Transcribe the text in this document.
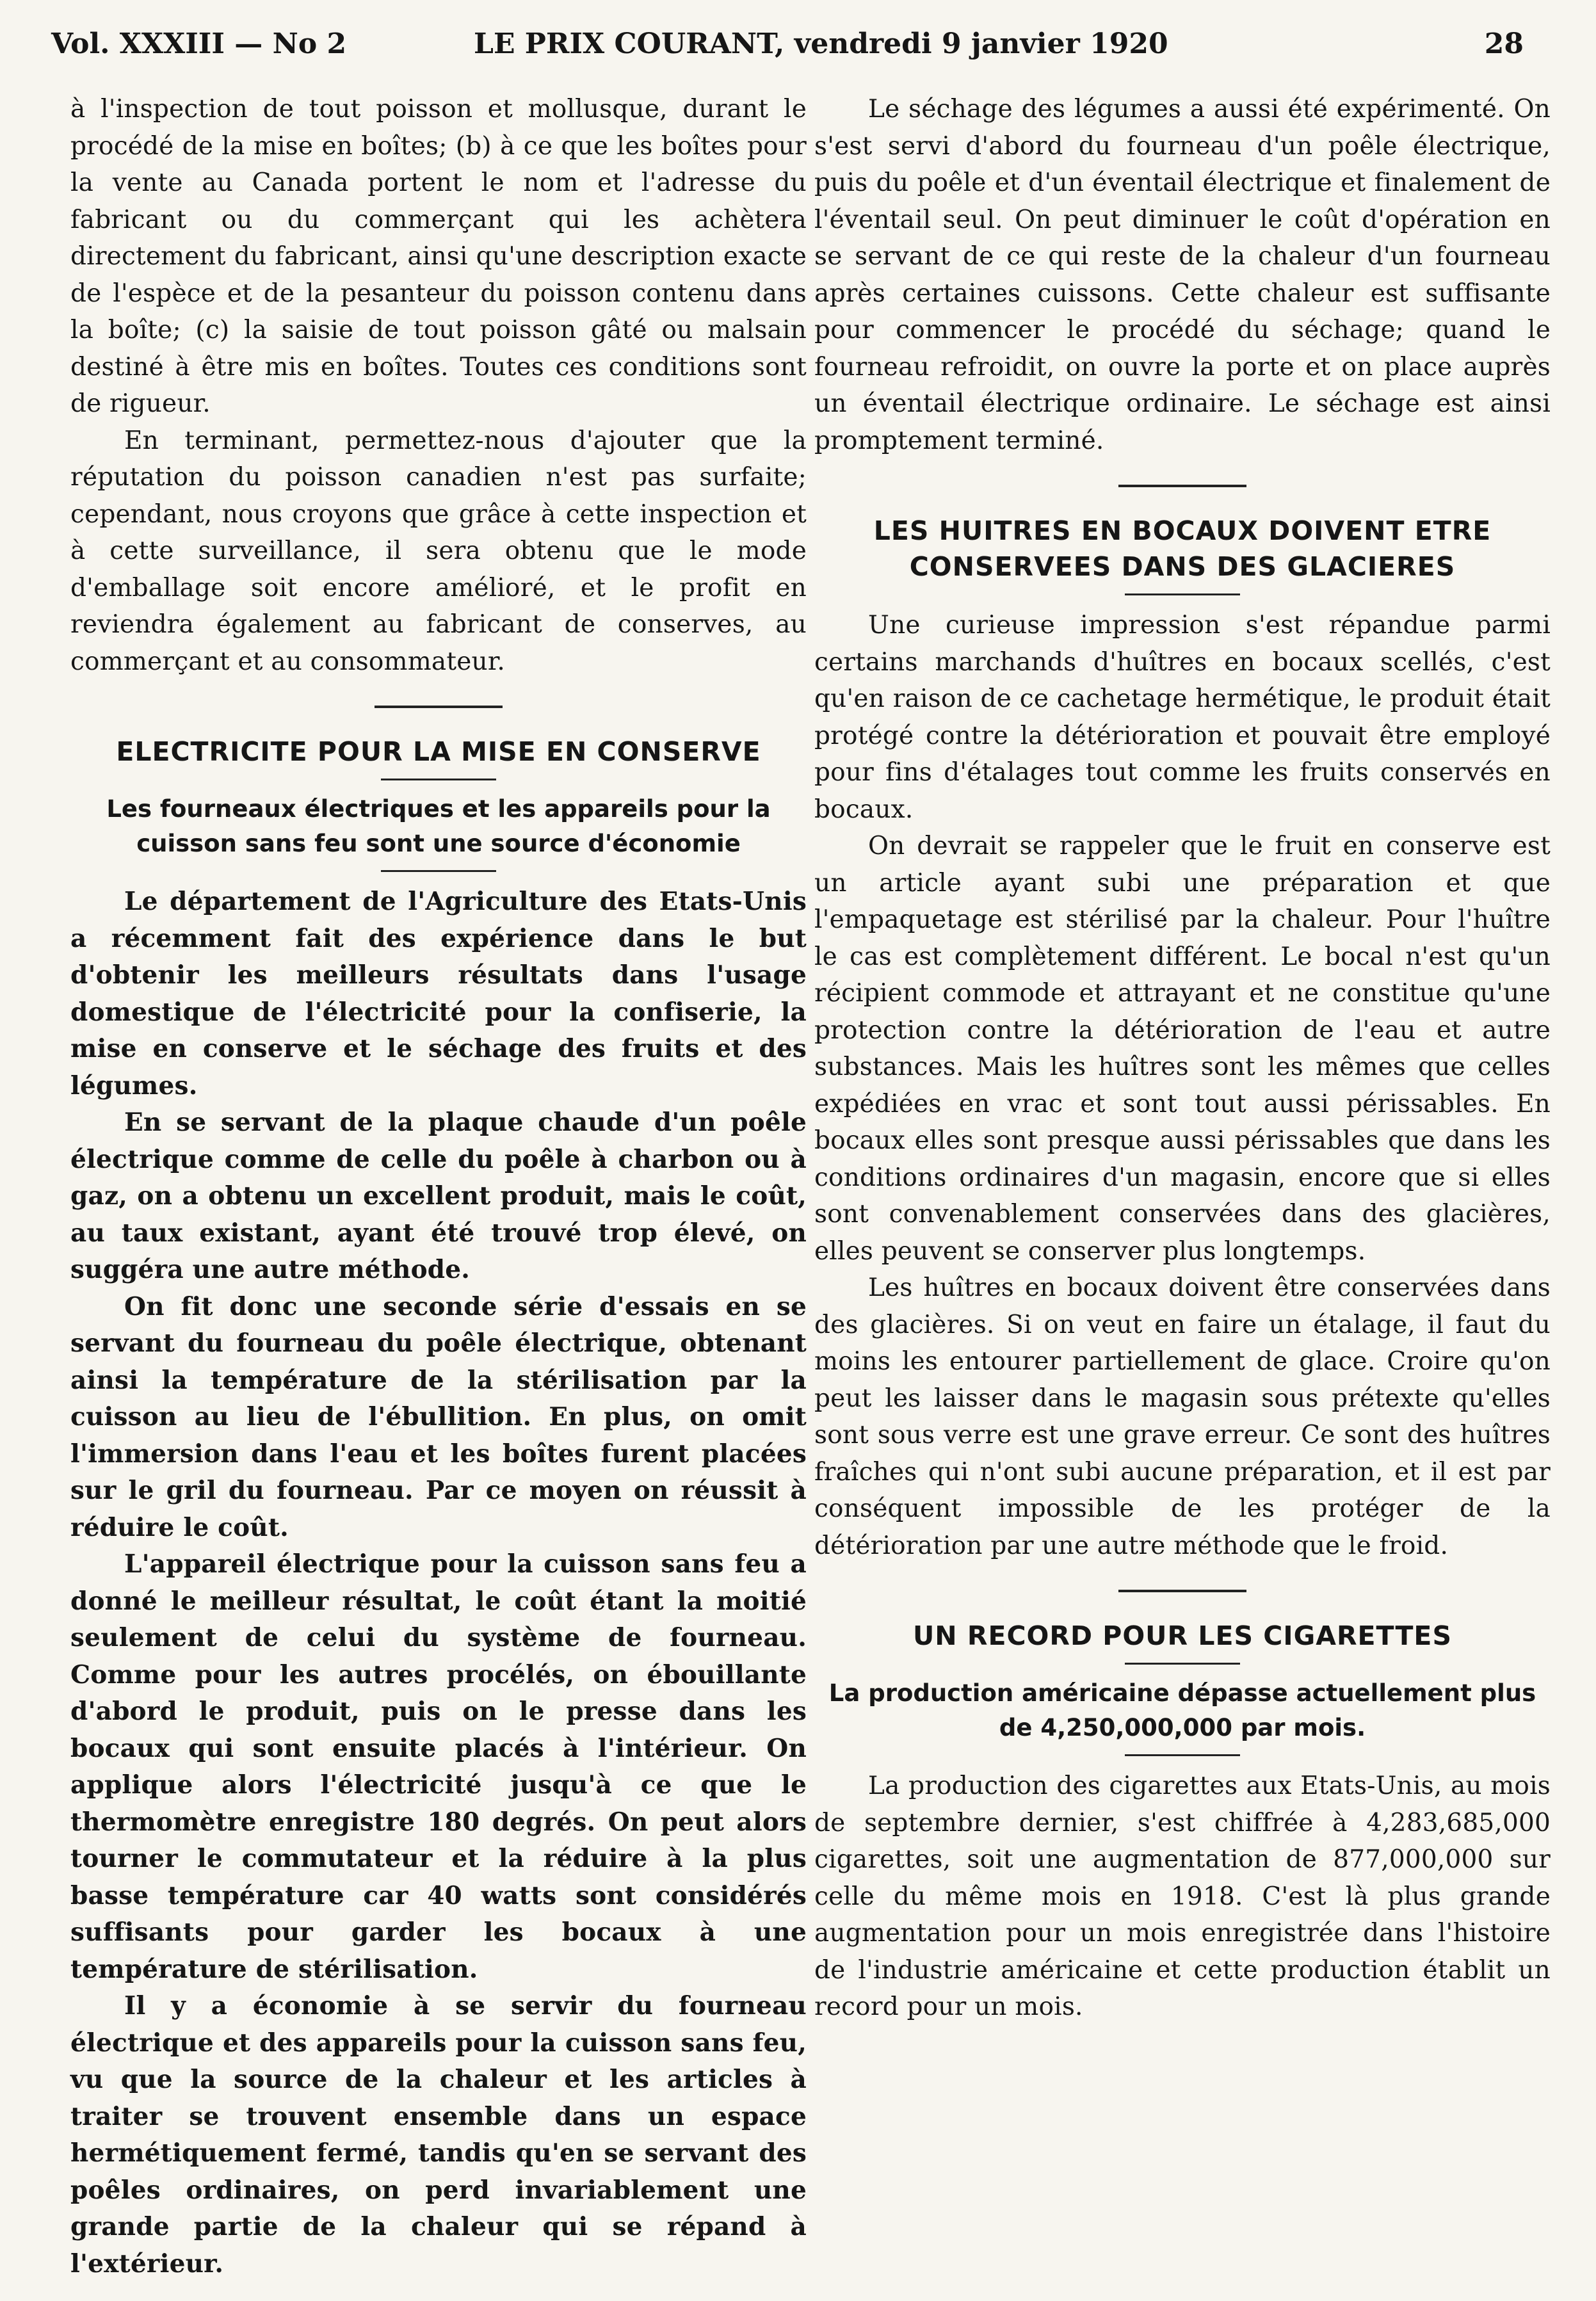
Vol. XXXIII — No 2	LE PRIX COURANT, vendredi 9 janvier 1920	28

à l'inspection de tout poisson et mollusque, durant le procédé de la mise en boîtes; (b) à ce que les boîtes pour la vente au Canada portent le nom et l'adresse du fabricant ou du commerçant qui les achètera directement du fabricant, ainsi qu'une description exacte de l'espèce et de la pesanteur du poisson contenu dans la boîte; (c) la saisie de tout poisson gâté ou malsain destiné à être mis en boîtes. Toutes ces conditions sont de rigueur.

En terminant, permettez-nous d'ajouter que la réputation du poisson canadien n'est pas surfaite; cependant, nous croyons que grâce à cette inspection et à cette surveillance, il sera obtenu que le mode d'emballage soit encore amélioré, et le profit en reviendra également au fabricant de conserves, au commerçant et au consommateur.

ELECTRICITE POUR LA MISE EN CONSERVE
Les fourneaux électriques et les appareils pour la cuisson sans feu sont une source d'économie

Le département de l'Agriculture des Etats-Unis a récemment fait des expérience dans le but d'obtenir les meilleurs résultats dans l'usage domestique de l'électricité pour la confiserie, la mise en conserve et le séchage des fruits et des légumes.

En se servant de la plaque chaude d'un poêle électrique comme de celle du poêle à charbon ou à gaz, on a obtenu un excellent produit, mais le coût, au taux existant, ayant été trouvé trop élevé, on suggéra une autre méthode.

On fit donc une seconde série d'essais en se servant du fourneau du poêle électrique, obtenant ainsi la température de la stérilisation par la cuisson au lieu de l'ébullition. En plus, on omit l'immersion dans l'eau et les boîtes furent placées sur le gril du fourneau. Par ce moyen on réussit à réduire le coût.

L'appareil électrique pour la cuisson sans feu a donné le meilleur résultat, le coût étant la moitié seulement de celui du système de fourneau. Comme pour les autres procélés, on ébouillante d'abord le produit, puis on le presse dans les bocaux qui sont ensuite placés à l'intérieur. On applique alors l'électricité jusqu'à ce que le thermomètre enregistre 180 degrés. On peut alors tourner le commutateur et la réduire à la plus basse température car 40 watts sont considérés suffisants pour garder les bocaux à une température de stérilisation.

Il y a économie à se servir du fourneau électrique et des appareils pour la cuisson sans feu, vu que la source de la chaleur et les articles à traiter se trouvent ensemble dans un espace hermétiquement fermé, tandis qu'en se servant des poêles ordinaires, on perd invariablement une grande partie de la chaleur qui se répand à l'extérieur.

Le séchage des légumes a aussi été expérimenté. On s'est servi d'abord du fourneau d'un poêle électrique, puis du poêle et d'un éventail électrique et finalement de l'éventail seul. On peut diminuer le coût d'opération en se servant de ce qui reste de la chaleur d'un fourneau après certaines cuissons. Cette chaleur est suffisante pour commencer le procédé du séchage; quand le fourneau refroidit, on ouvre la porte et on place auprès un éventail électrique ordinaire. Le séchage est ainsi promptement terminé.

LES HUITRES EN BOCAUX DOIVENT ETRE CONSERVEES DANS DES GLACIERES

Une curieuse impression s'est répandue parmi certains marchands d'huîtres en bocaux scellés, c'est qu'en raison de ce cachetage hermétique, le produit était protégé contre la détérioration et pouvait être employé pour fins d'étalages tout comme les fruits conservés en bocaux.

On devrait se rappeler que le fruit en conserve est un article ayant subi une préparation et que l'empaquetage est stérilisé par la chaleur. Pour l'huître le cas est complètement différent. Le bocal n'est qu'un récipient commode et attrayant et ne constitue qu'une protection contre la détérioration de l'eau et autre substances. Mais les huîtres sont les mêmes que celles expédiées en vrac et sont tout aussi périssables. En bocaux elles sont presque aussi périssables que dans les conditions ordinaires d'un magasin, encore que si elles sont convenablement conservées dans des glacières, elles peuvent se conserver plus longtemps.

Les huîtres en bocaux doivent être conservées dans des glacières. Si on veut en faire un étalage, il faut du moins les entourer partiellement de glace. Croire qu'on peut les laisser dans le magasin sous prétexte qu'elles sont sous verre est une grave erreur. Ce sont des huîtres fraîches qui n'ont subi aucune préparation, et il est par conséquent impossible de les protéger de la détérioration par une autre méthode que le froid.

UN RECORD POUR LES CIGARETTES
La production américaine dépasse actuellement plus de 4,250,000,000 par mois.

La production des cigarettes aux Etats-Unis, au mois de septembre dernier, s'est chiffrée à 4,283,685,000 cigarettes, soit une augmentation de 877,000,000 sur celle du même mois en 1918. C'est là plus grande augmentation pour un mois enregistrée dans l'histoire de l'industrie américaine et cette production établit un record pour un mois.
